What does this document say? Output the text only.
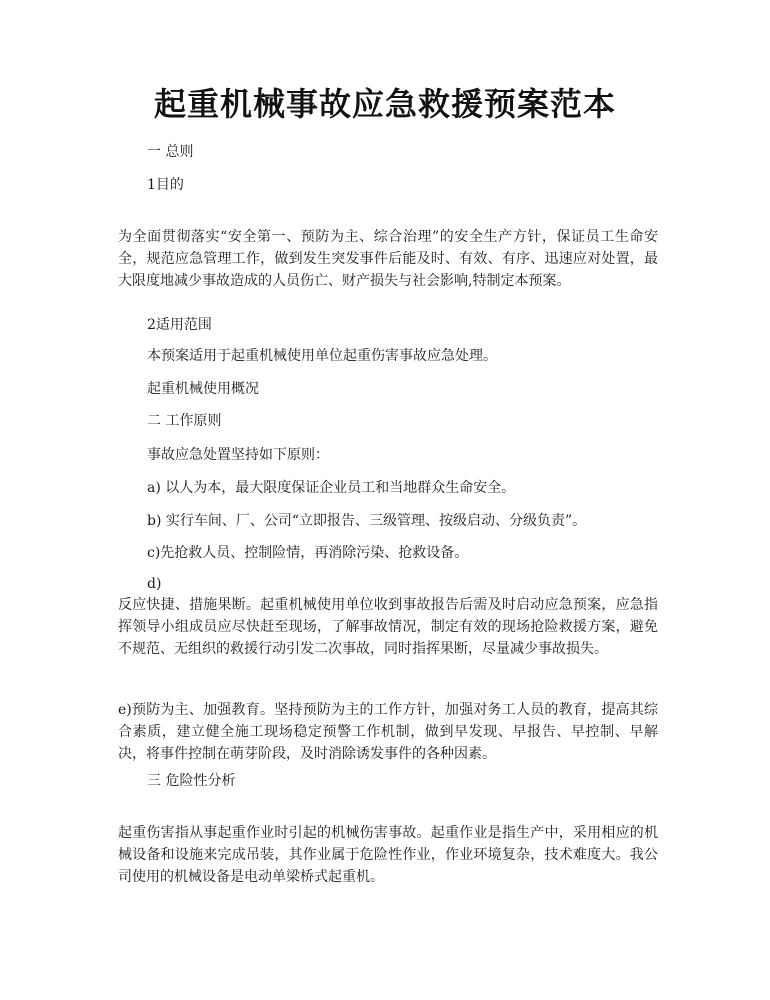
起重机械事故应急救援预案范本
一 总则
1目的
为全面贯彻落实“安全第一、预防为主、综合治理”的安全生产方针，保证员工生命安全，规范应急管理工作，做到发生突发事件后能及时、有效、有序、迅速应对处置，最大限度地减少事故造成的人员伤亡、财产损失与社会影响,特制定本预案。
2适用范围
本预案适用于起重机械使用单位起重伤害事故应急处理。
起重机械使用概况
二 工作原则
事故应急处置坚持如下原则：
a) 以人为本，最大限度保证企业员工和当地群众生命安全。
b) 实行车间、厂、公司“立即报告、三级管理、按级启动、分级负责”。
c)先抢救人员、控制险情，再消除污染、抢救设备。
d)
反应快捷、措施果断。起重机械使用单位收到事故报告后需及时启动应急预案，应急指挥领导小组成员应尽快赶至现场，了解事故情况，制定有效的现场抢险救援方案，避免不规范、无组织的救援行动引发二次事故，同时指挥果断，尽量减少事故损失。
e)预防为主、加强教育。坚持预防为主的工作方针，加强对务工人员的教育，提高其综合素质，建立健全施工现场稳定预警工作机制，做到早发现、早报告、早控制、早解决，将事件控制在萌芽阶段，及时消除诱发事件的各种因素。
三 危险性分析
起重伤害指从事起重作业时引起的机械伤害事故。起重作业是指生产中，采用相应的机械设备和设施来完成吊装，其作业属于危险性作业，作业环境复杂，技术难度大。我公司使用的机械设备是电动单梁桥式起重机。
